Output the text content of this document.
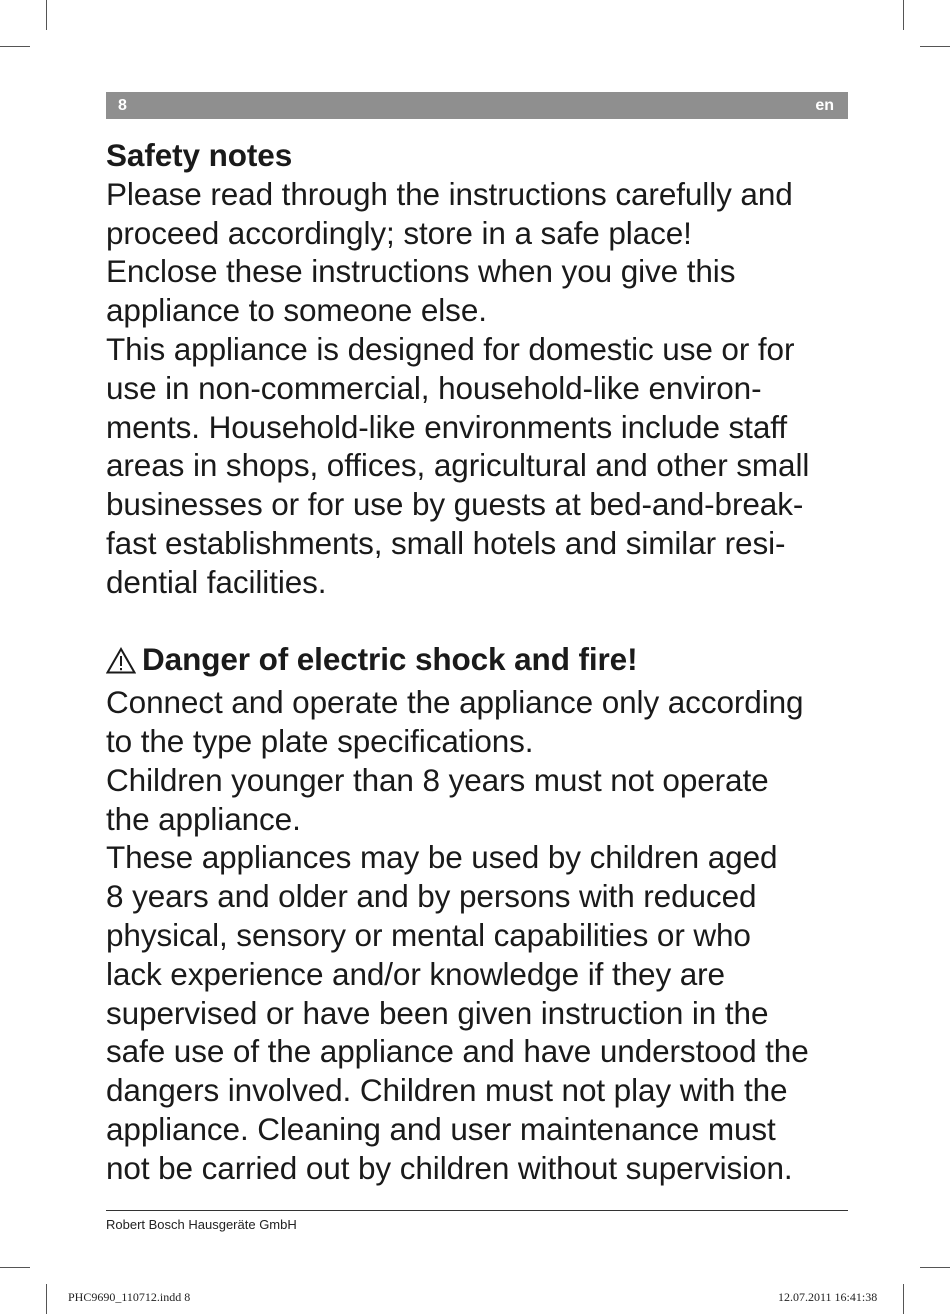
8	en
Safety notes
Please read through the instructions carefully and
proceed accordingly; store in a safe place!
Enclose these instructions when you give this
appliance to someone else.
This appliance is designed for domestic use or for
use in non-commercial, household-like environ-
ments. Household-like environments include staff
areas in shops, offices, agricultural and other small
businesses or for use by guests at bed-and-break-
fast establishments, small hotels and similar resi-
dential facilities.
Danger of electric shock and fire!
Connect and operate the appliance only according
to the type plate specifications.
Children younger than 8 years must not operate
the appliance.
These appliances may be used by children aged
8 years and older and by persons with reduced
physical, sensory or mental capabilities or who
lack experience and/or knowledge if they are
supervised or have been given instruction in the
safe use of the appliance and have understood the
dangers involved. Children must not play with the
appliance. Cleaning and user maintenance must
not be carried out by children without supervision.
Robert Bosch Hausgeräte GmbH
PHC9690_110712.indd 8	12.07.2011 16:41:38
